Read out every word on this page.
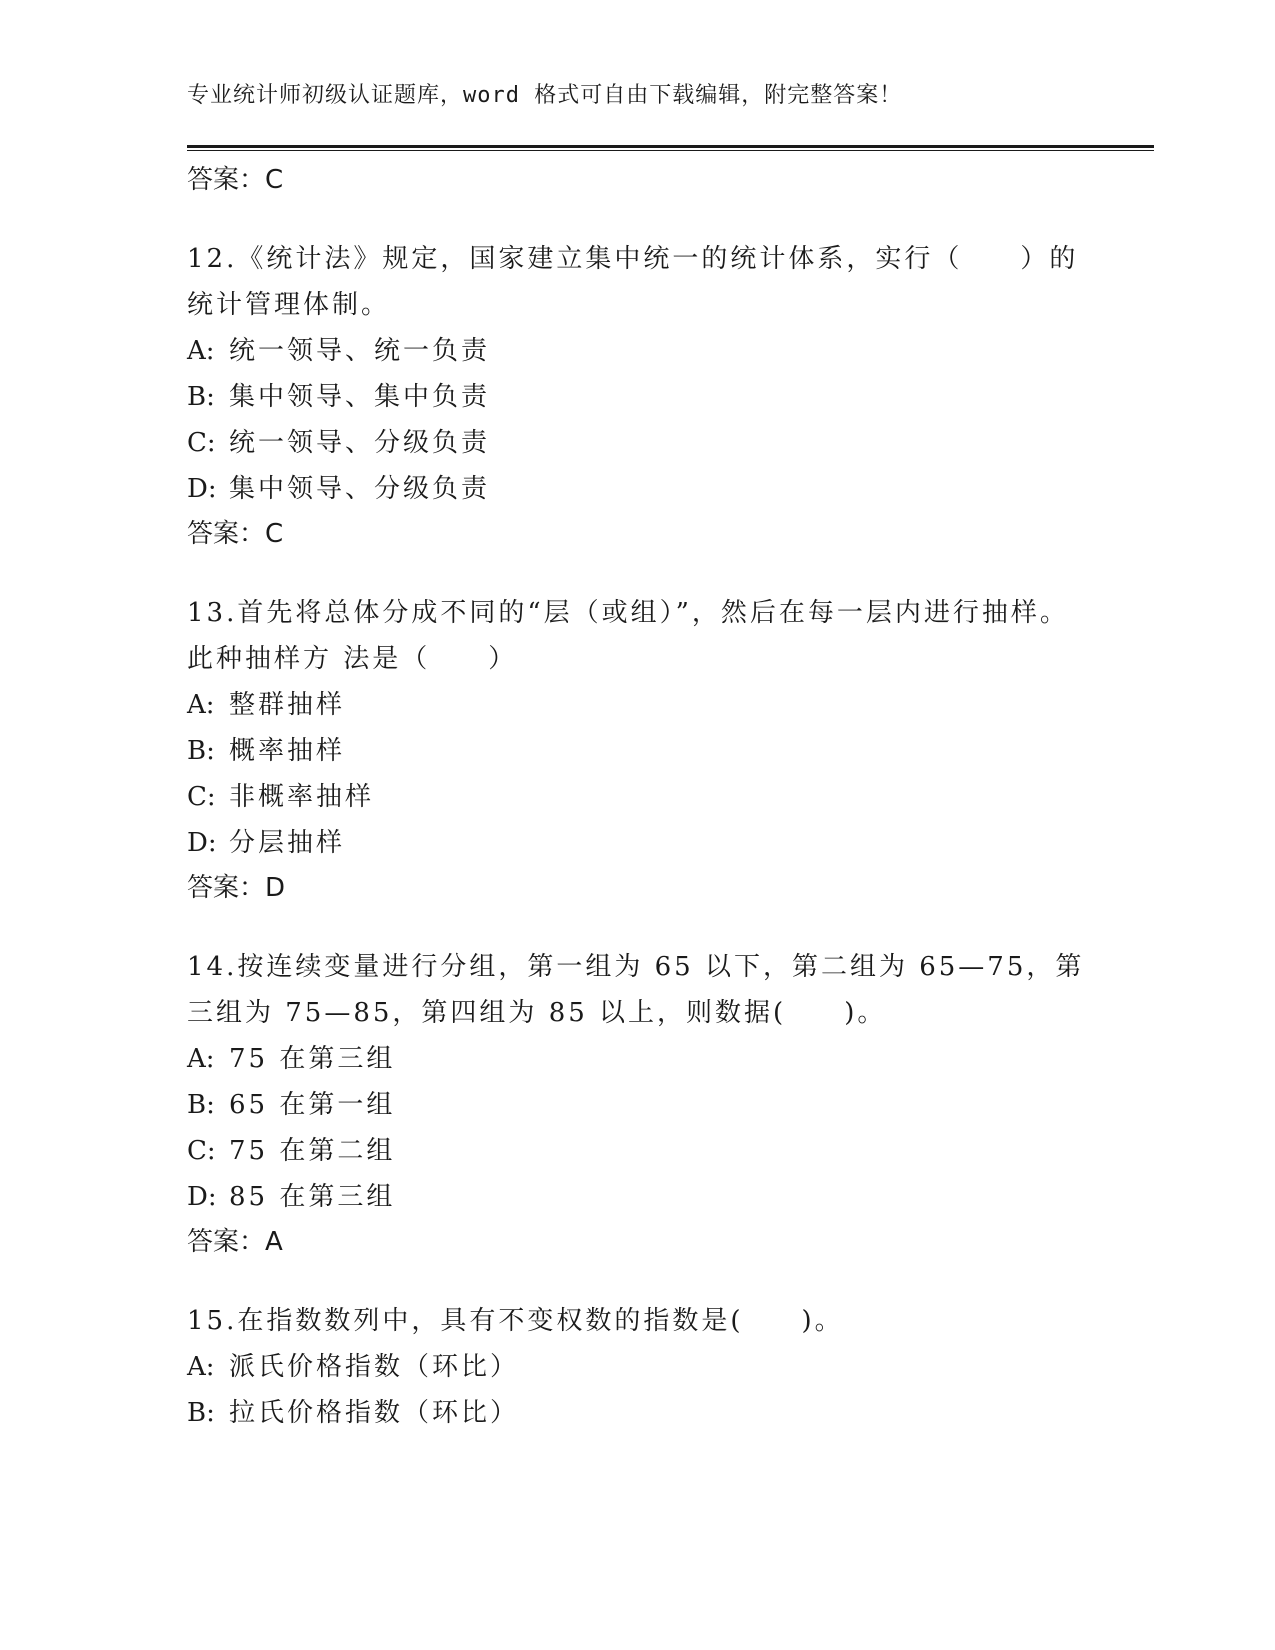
专业统计师初级认证题库，word 格式可自由下载编辑，附完整答案！
答案：C
12.《统计法》规定，国家建立集中统一的统计体系，实行（　　）的统计管理体制。
A: 统一领导、统一负责
B: 集中领导、集中负责
C: 统一领导、分级负责
D: 集中领导、分级负责
答案：C
13.首先将总体分成不同的“层（或组）”，然后在每一层内进行抽样。此种抽样方 法是（　　）
A: 整群抽样
B: 概率抽样
C: 非概率抽样
D: 分层抽样
答案：D
14.按连续变量进行分组，第一组为 65 以下，第二组为 65—75，第三组为 75—85，第四组为 85 以上，则数据(　　)。
A: 75 在第三组
B: 65 在第一组
C: 75 在第二组
D: 85 在第三组
答案：A
15.在指数数列中，具有不变权数的指数是(　　)。
A: 派氏价格指数（环比）
B: 拉氏价格指数（环比）
